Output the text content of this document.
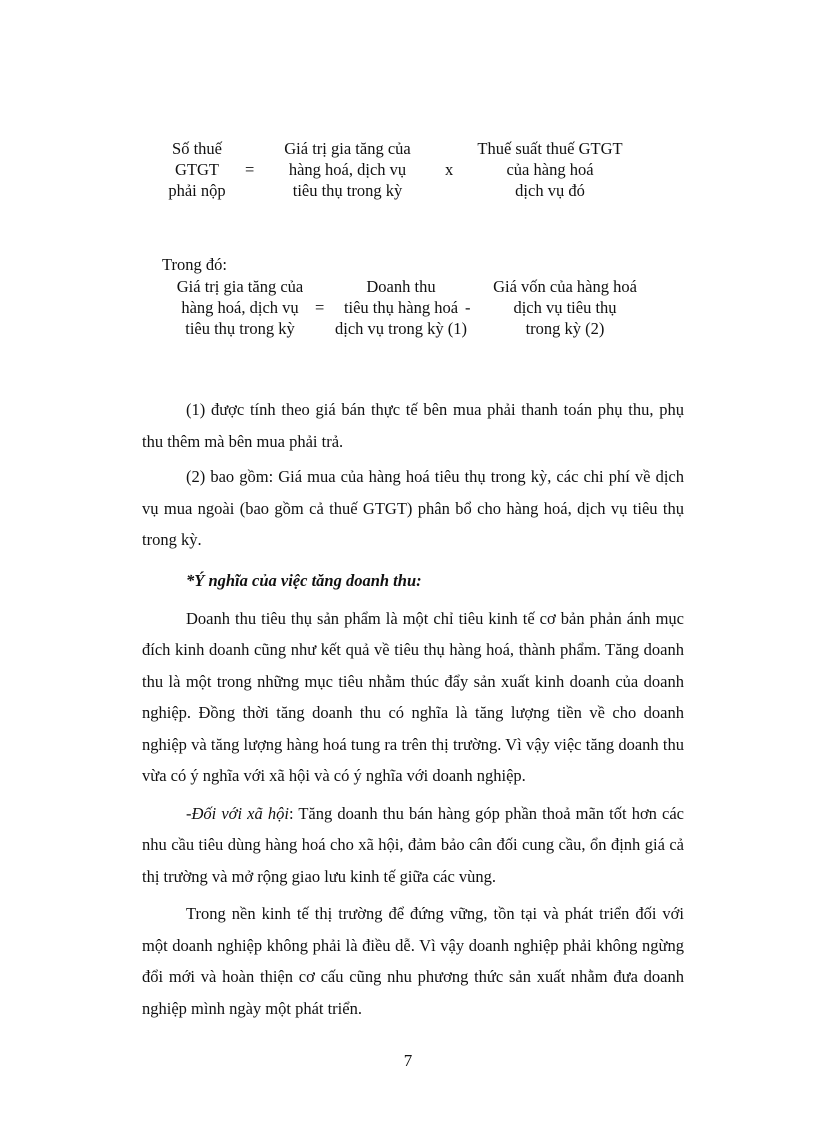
Số thuế
GTGT
phải nộp
=
Giá trị gia tăng của
hàng hoá, dịch vụ
tiêu thụ trong kỳ
x
Thuế suất thuế GTGT
của hàng hoá
dịch vụ đó
Trong đó:
Giá trị gia tăng của
hàng hoá, dịch vụ
tiêu thụ trong kỳ
=
Doanh thu
tiêu thụ hàng hoá
dịch vụ trong kỳ (1)
-
Giá vốn của hàng hoá
dịch vụ tiêu thụ
trong kỳ (2)

(1) được tính theo giá bán thực tế bên mua phải thanh toán phụ thu, phụ thu thêm mà bên mua phải trả.

(2) bao gồm: Giá mua của hàng hoá tiêu thụ trong kỳ, các chi phí về dịch vụ mua ngoài (bao gồm cả thuế GTGT) phân bổ cho hàng hoá, dịch vụ tiêu thụ trong kỳ.

*Ý nghĩa của việc tăng doanh thu:

Doanh thu tiêu thụ sản phẩm là một chỉ tiêu kinh tế cơ bản phản ánh mục đích kinh doanh cũng như kết quả về tiêu thụ hàng hoá, thành phẩm. Tăng doanh thu là một trong những mục tiêu nhằm thúc đẩy sản xuất kinh doanh của doanh nghiệp. Đồng thời tăng doanh thu có nghĩa là tăng lượng tiền về cho doanh nghiệp và tăng lượng hàng hoá tung ra trên thị trường. Vì vậy việc tăng doanh thu vừa có ý nghĩa với xã hội và có ý nghĩa với doanh nghiệp.

-Đối với xã hội: Tăng doanh thu bán hàng góp phần thoả mãn tốt hơn các nhu cầu tiêu dùng hàng hoá cho xã hội, đảm bảo cân đối cung cầu, ổn định giá cả thị trường và mở rộng giao lưu kinh tế giữa các vùng.

Trong nền kinh tế thị trường để đứng vững, tồn tại và phát triển đối với một doanh nghiệp không phải là điều dễ. Vì vậy doanh nghiệp phải không ngừng đổi mới và hoàn thiện cơ cấu cũng nhu phương thức sản xuất nhằm đưa doanh nghiệp mình ngày một phát triển.

7
